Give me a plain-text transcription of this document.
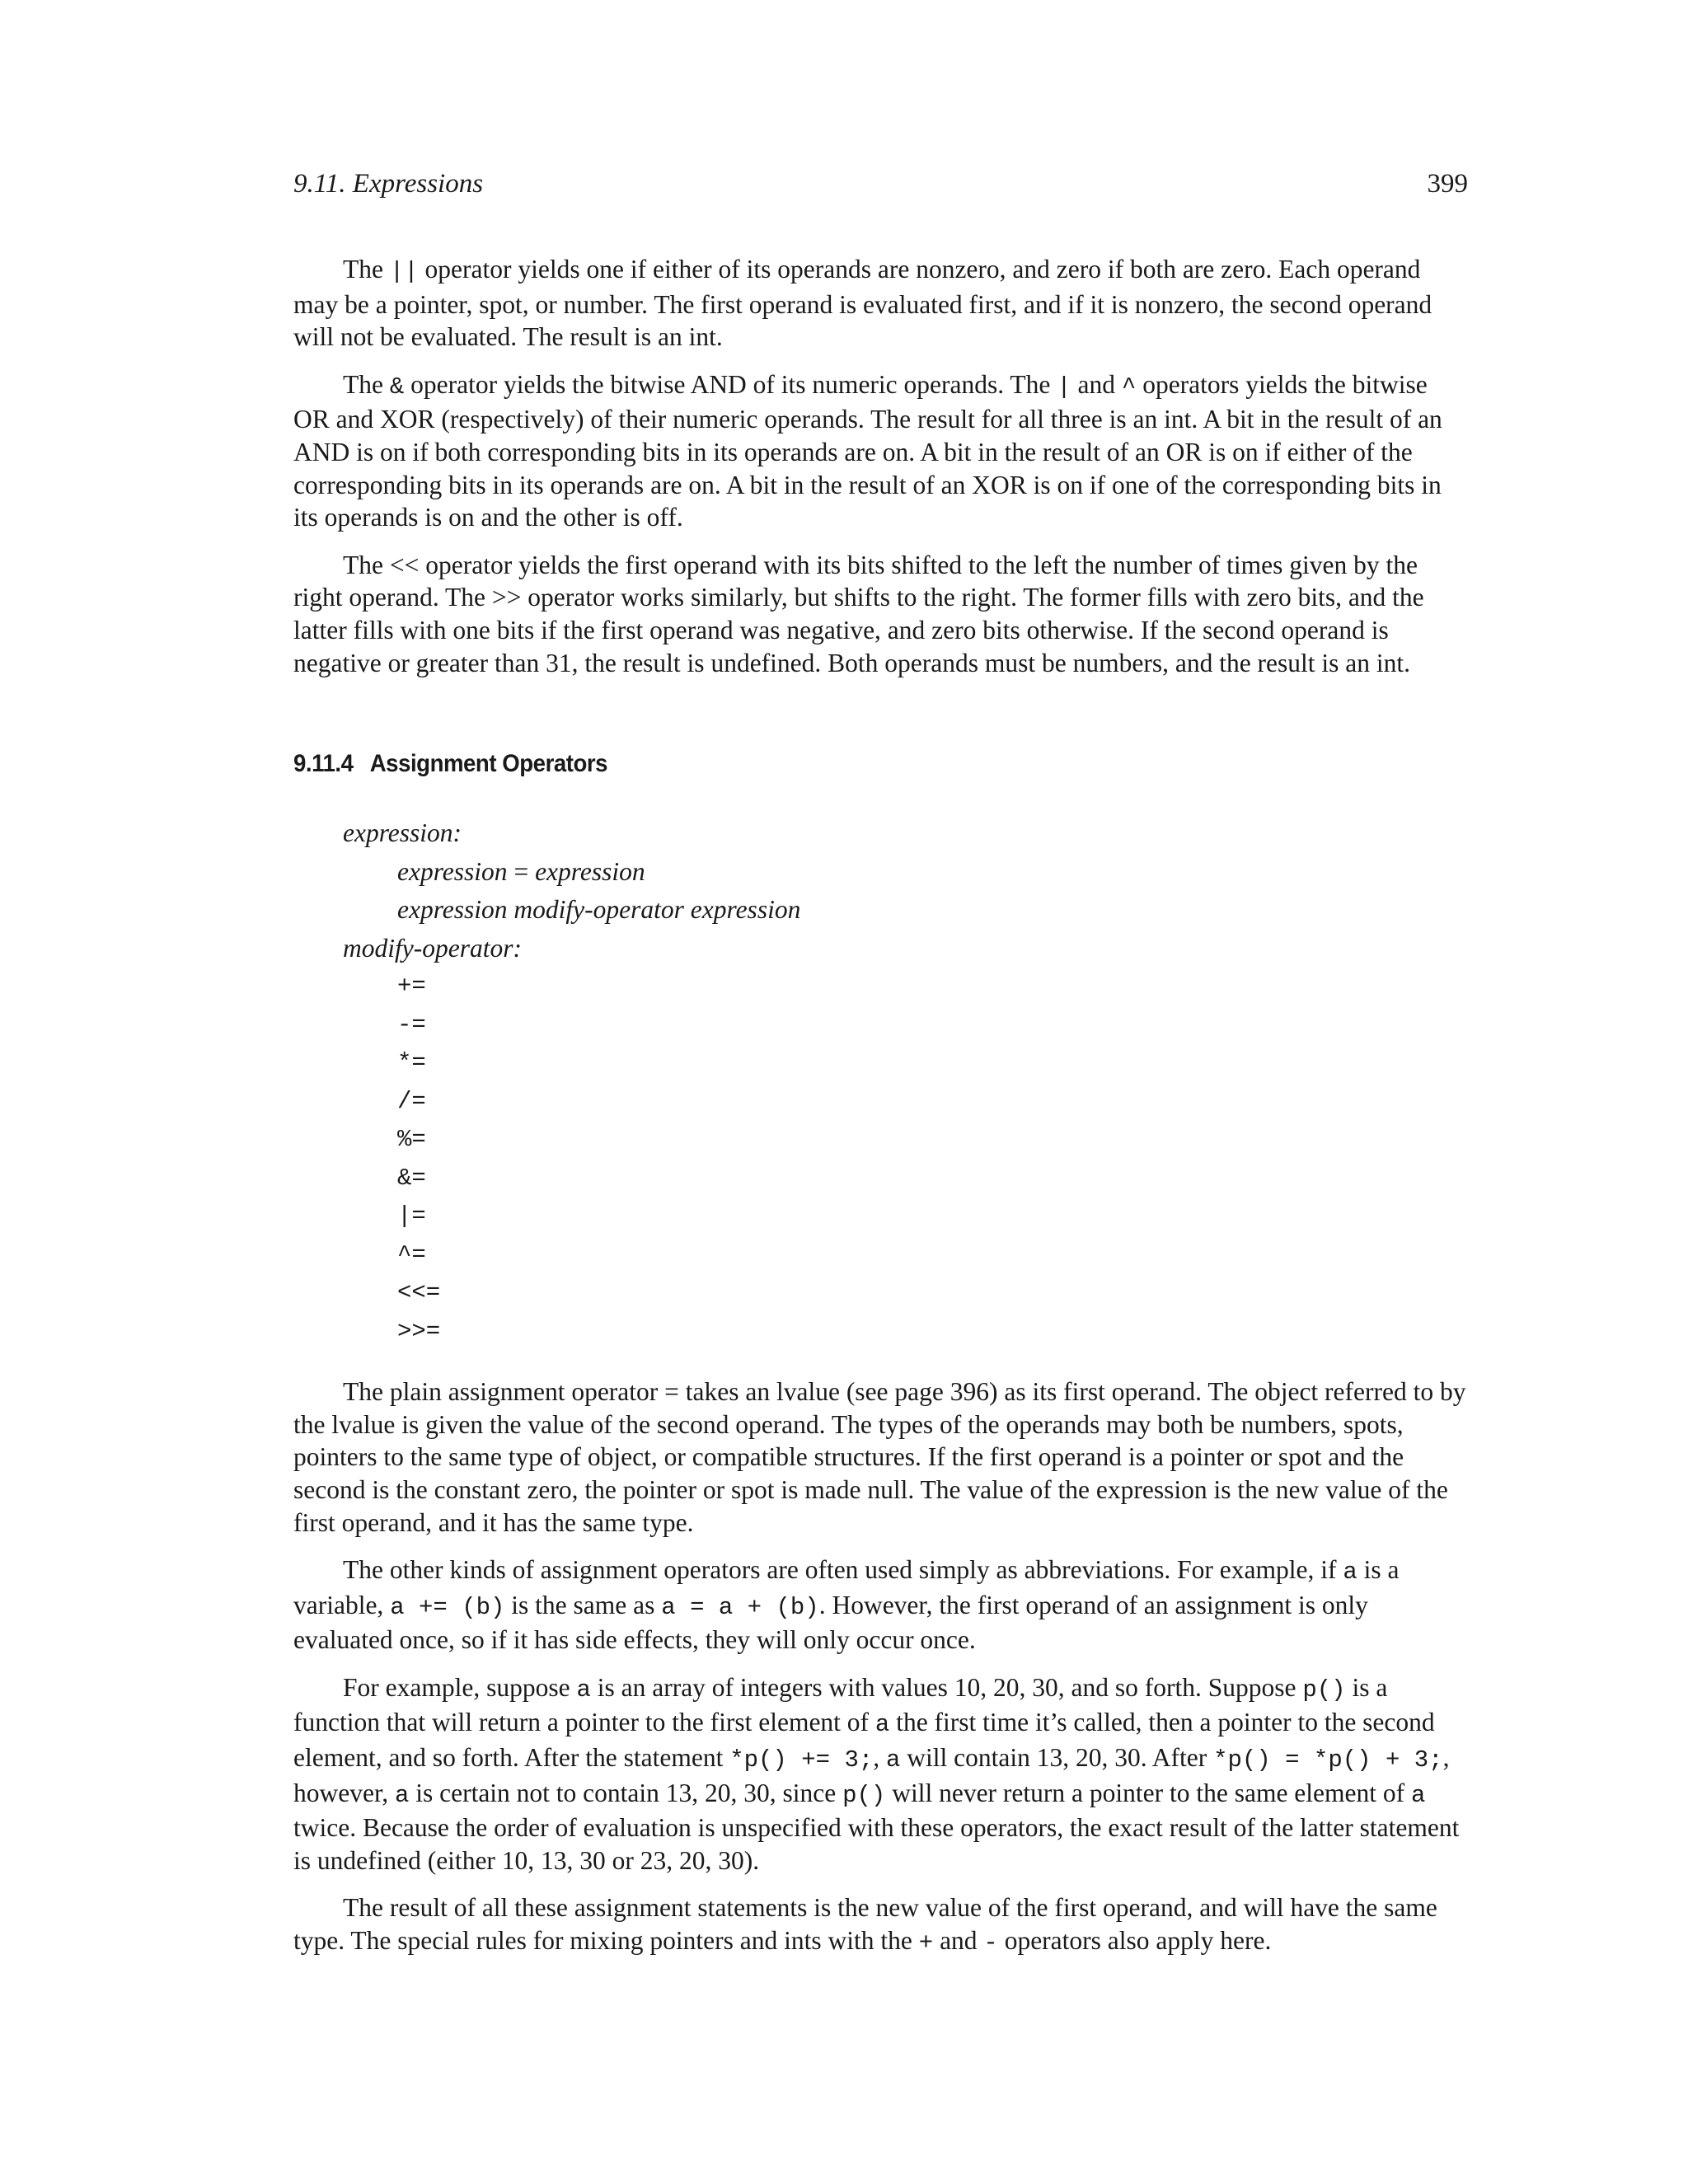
9.11. Expressions	399

The || operator yields one if either of its operands are nonzero, and zero if both are zero. Each operand may be a pointer, spot, or number. The first operand is evaluated first, and if it is nonzero, the second operand will not be evaluated. The result is an int.

The & operator yields the bitwise AND of its numeric operands. The | and ^ operators yields the bitwise OR and XOR (respectively) of their numeric operands. The result for all three is an int. A bit in the result of an AND is on if both corresponding bits in its operands are on. A bit in the result of an OR is on if either of the corresponding bits in its operands are on. A bit in the result of an XOR is on if one of the corresponding bits in its operands is on and the other is off.

The << operator yields the first operand with its bits shifted to the left the number of times given by the right operand. The >> operator works similarly, but shifts to the right. The former fills with zero bits, and the latter fills with one bits if the first operand was negative, and zero bits otherwise. If the second operand is negative or greater than 31, the result is undefined. Both operands must be numbers, and the result is an int.

9.11.4 Assignment Operators
expression:
expression = expression
expression modify-operator expression
modify-operator:
+=
-=
*=
/=
%=
&=
|=
^=
<<=
>>=

The plain assignment operator = takes an lvalue (see page 396) as its first operand. The object referred to by the lvalue is given the value of the second operand. The types of the operands may both be numbers, spots, pointers to the same type of object, or compatible structures. If the first operand is a pointer or spot and the second is the constant zero, the pointer or spot is made null. The value of the expression is the new value of the first operand, and it has the same type.

The other kinds of assignment operators are often used simply as abbreviations. For example, if a is a variable, a += (b) is the same as a = a + (b). However, the first operand of an assignment is only evaluated once, so if it has side effects, they will only occur once.

For example, suppose a is an array of integers with values 10, 20, 30, and so forth. Suppose p() is a function that will return a pointer to the first element of a the first time it’s called, then a pointer to the second element, and so forth. After the statement *p() += 3;, a will contain 13, 20, 30. After *p() = *p() + 3;, however, a is certain not to contain 13, 20, 30, since p() will never return a pointer to the same element of a twice. Because the order of evaluation is unspecified with these operators, the exact result of the latter statement is undefined (either 10, 13, 30 or 23, 20, 30).

The result of all these assignment statements is the new value of the first operand, and will have the same type. The special rules for mixing pointers and ints with the + and - operators also apply here.
